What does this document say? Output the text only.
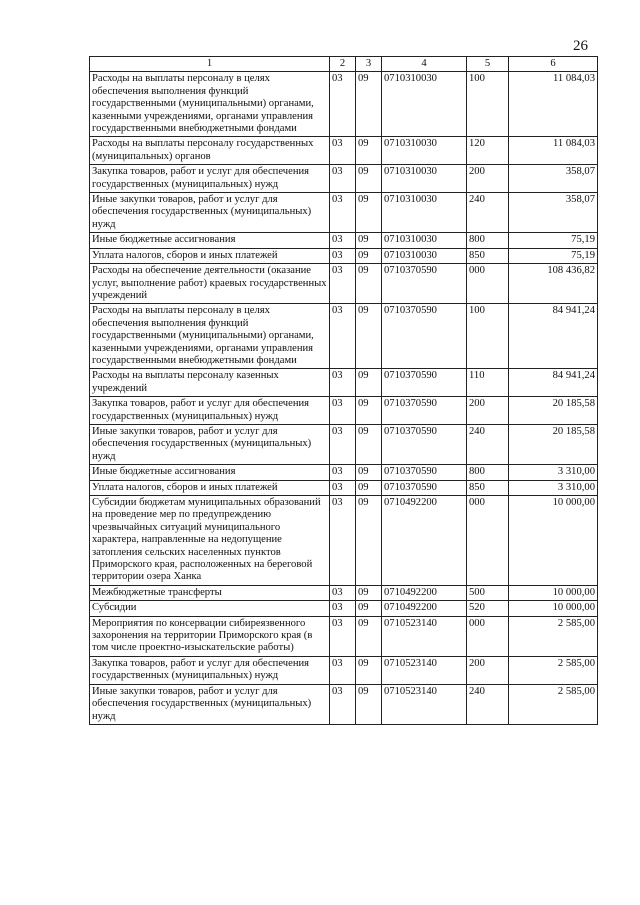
26
1	2	3	4	5	6
Расходы на выплаты персоналу в целях обеспечения выполнения функций государственными (муниципальными) органами, казенными учреждениями, органами управления государственными внебюджетными фондами	03	09	0710310030	100	11 084,03
Расходы на выплаты персоналу государственных (муниципальных) органов	03	09	0710310030	120	11 084,03
Закупка товаров, работ и услуг для обеспечения государственных (муниципальных) нужд	03	09	0710310030	200	358,07
Иные закупки товаров, работ и услуг для обеспечения государственных (муниципальных) нужд	03	09	0710310030	240	358,07
Иные бюджетные ассигнования	03	09	0710310030	800	75,19
Уплата налогов, сборов и иных платежей	03	09	0710310030	850	75,19
Расходы на обеспечение деятельности (оказание услуг, выполнение работ) краевых государственных учреждений	03	09	0710370590	000	108 436,82
Расходы на выплаты персоналу в целях обеспечения выполнения функций государственными (муниципальными) органами, казенными учреждениями, органами управления государственными внебюджетными фондами	03	09	0710370590	100	84 941,24
Расходы на выплаты персоналу казенных учреждений	03	09	0710370590	110	84 941,24
Закупка товаров, работ и услуг для обеспечения государственных (муниципальных) нужд	03	09	0710370590	200	20 185,58
Иные закупки товаров, работ и услуг для обеспечения государственных (муниципальных) нужд	03	09	0710370590	240	20 185,58
Иные бюджетные ассигнования	03	09	0710370590	800	3 310,00
Уплата налогов, сборов и иных платежей	03	09	0710370590	850	3 310,00
Субсидии бюджетам муниципальных образований на проведение мер по предупреждению чрезвычайных ситуаций муниципального характера, направленные на недопущение затопления сельских населенных пунктов Приморского края, расположенных на береговой территории озера Ханка	03	09	0710492200	000	10 000,00
Межбюджетные трансферты	03	09	0710492200	500	10 000,00
Субсидии	03	09	0710492200	520	10 000,00
Мероприятия по консервации сибиреязвенного захоронения на территории Приморского края (в том числе проектно-изыскательские работы)	03	09	0710523140	000	2 585,00
Закупка товаров, работ и услуг для обеспечения государственных (муниципальных) нужд	03	09	0710523140	200	2 585,00
Иные закупки товаров, работ и услуг для обеспечения государственных (муниципальных) нужд	03	09	0710523140	240	2 585,00
